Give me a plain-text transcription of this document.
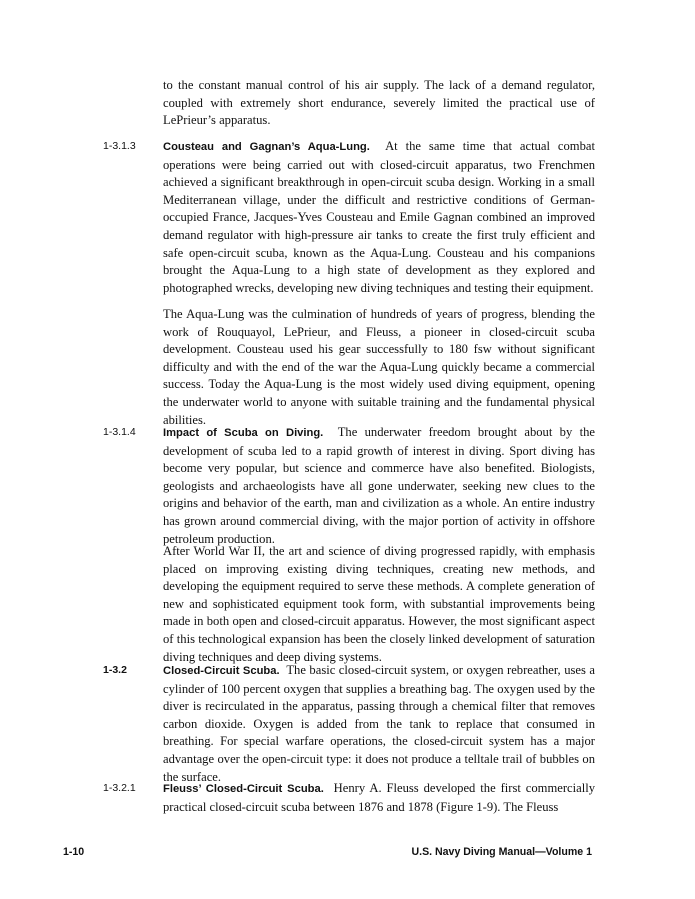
to the constant manual control of his air supply. The lack of a demand regulator, coupled with extremely short endurance, severely limited the practical use of LePrieur’s apparatus.

1-3.1.3 Cousteau and Gagnan’s Aqua-Lung. At the same time that actual combat operations were being carried out with closed-circuit apparatus, two Frenchmen achieved a significant breakthrough in open-circuit scuba design. Working in a small Mediterranean village, under the difficult and restrictive conditions of German-occupied France, Jacques-Yves Cousteau and Emile Gagnan combined an improved demand regulator with high-pressure air tanks to create the first truly efficient and safe open-circuit scuba, known as the Aqua-Lung. Cousteau and his companions brought the Aqua-Lung to a high state of development as they explored and photographed wrecks, developing new diving techniques and testing their equipment.

The Aqua-Lung was the culmination of hundreds of years of progress, blending the work of Rouquayol, LePrieur, and Fleuss, a pioneer in closed-circuit scuba development. Cousteau used his gear successfully to 180 fsw without significant difficulty and with the end of the war the Aqua-Lung quickly became a commercial success. Today the Aqua-Lung is the most widely used diving equipment, opening the underwater world to anyone with suitable training and the fundamental physical abilities.

1-3.1.4 Impact of Scuba on Diving. The underwater freedom brought about by the development of scuba led to a rapid growth of interest in diving. Sport diving has become very popular, but science and commerce have also benefited. Biologists, geologists and archaeologists have all gone underwater, seeking new clues to the origins and behavior of the earth, man and civilization as a whole. An entire industry has grown around commercial diving, with the major portion of activity in offshore petroleum production.

After World War II, the art and science of diving progressed rapidly, with emphasis placed on improving existing diving techniques, creating new methods, and developing the equipment required to serve these methods. A complete generation of new and sophisticated equipment took form, with substantial improvements being made in both open and closed-circuit apparatus. However, the most significant aspect of this technological expansion has been the closely linked development of saturation diving techniques and deep diving systems.

1-3.2	Closed-Circuit Scuba. The basic closed-circuit system, or oxygen rebreather, uses a cylinder of 100 percent oxygen that supplies a breathing bag. The oxygen used by the diver is recirculated in the apparatus, passing through a chemical filter that removes carbon dioxide. Oxygen is added from the tank to replace that consumed in breathing. For special warfare operations, the closed-circuit system has a major advantage over the open-circuit type: it does not produce a telltale trail of bubbles on the surface.

1-3.2.1 Fleuss’ Closed-Circuit Scuba. Henry A. Fleuss developed the first commercially practical closed-circuit scuba between 1876 and 1878 (Figure 1-9). The Fleuss

1-10	U.S. Navy Diving Manual—Volume 1
